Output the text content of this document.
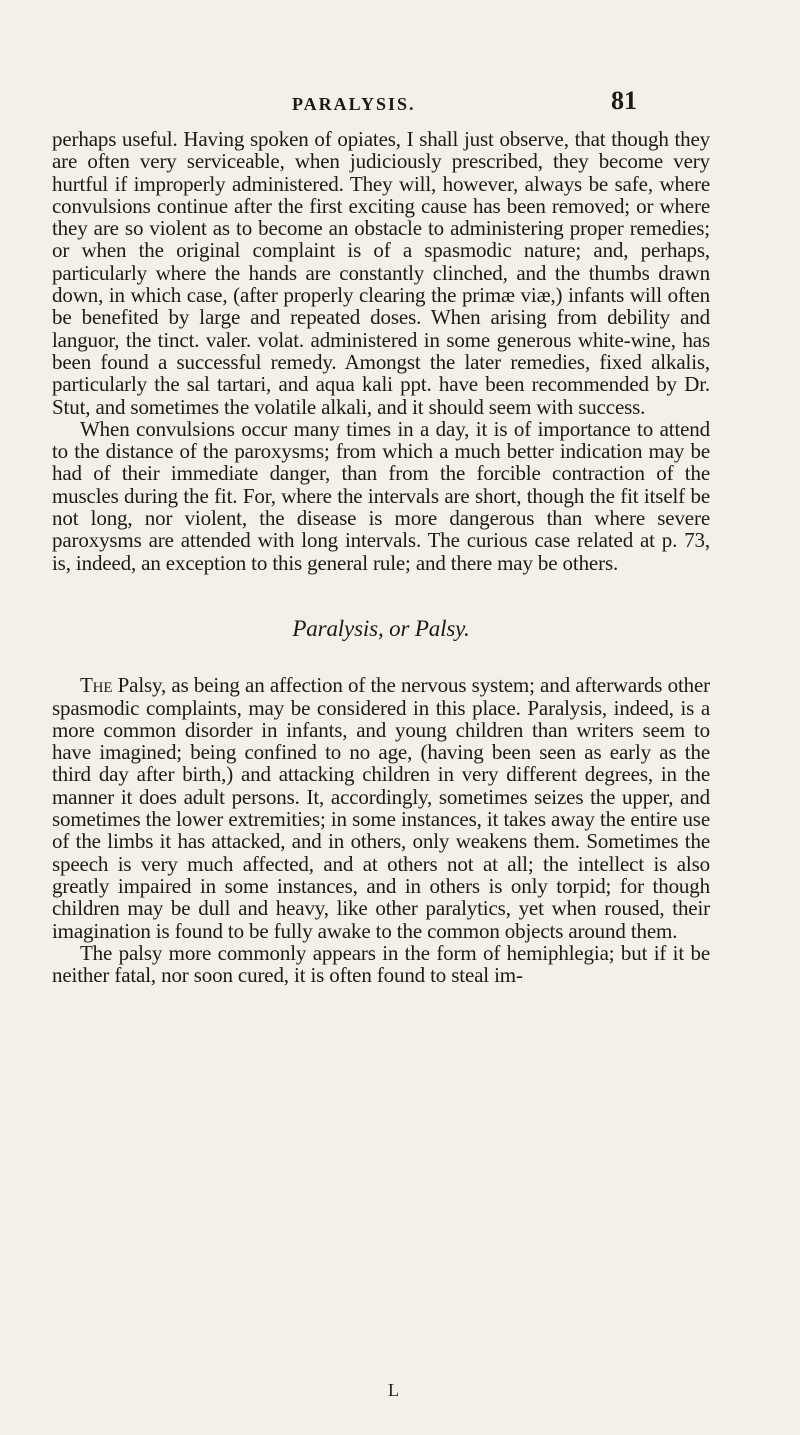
PARALYSIS.	81

perhaps useful. Having spoken of opiates, I shall just observe, that though they are often very serviceable, when judiciously prescribed, they become very hurtful if improperly administered. They will, however, always be safe, where convulsions continue after the first exciting cause has been removed; or where they are so violent as to become an obstacle to administering proper remedies; or when the original complaint is of a spasmodic nature; and, perhaps, particularly where the hands are constantly clinched, and the thumbs drawn down, in which case, (after properly clearing the primæ viæ,) infants will often be benefited by large and repeated doses. When arising from debility and languor, the tinct. valer. volat. administered in some generous white-wine, has been found a successful remedy. Amongst the later remedies, fixed alkalis, particularly the sal tartari, and aqua kali ppt. have been recommended by Dr. Stut, and sometimes the volatile alkali, and it should seem with success.

When convulsions occur many times in a day, it is of importance to attend to the distance of the paroxysms; from which a much better indication may be had of their immediate danger, than from the forcible contraction of the muscles during the fit. For, where the intervals are short, though the fit itself be not long, nor violent, the disease is more dangerous than where severe paroxysms are attended with long intervals. The curious case related at p. 73, is, indeed, an exception to this general rule; and there may be others.

Paralysis, or Palsy.

The Palsy, as being an affection of the nervous system; and afterwards other spasmodic complaints, may be considered in this place. Paralysis, indeed, is a more common disorder in infants, and young children than writers seem to have imagined; being confined to no age, (having been seen as early as the third day after birth,) and attacking children in very different degrees, in the manner it does adult persons. It, accordingly, sometimes seizes the upper, and sometimes the lower extremities; in some instances, it takes away the entire use of the limbs it has attacked, and in others, only weakens them. Sometimes the speech is very much affected, and at others not at all; the intellect is also greatly impaired in some instances, and in others is only torpid; for though children may be dull and heavy, like other paralytics, yet when roused, their imagination is found to be fully awake to the common objects around them.

The palsy more commonly appears in the form of hemiphlegia; but if it be neither fatal, nor soon cured, it is often found to steal im-

L
